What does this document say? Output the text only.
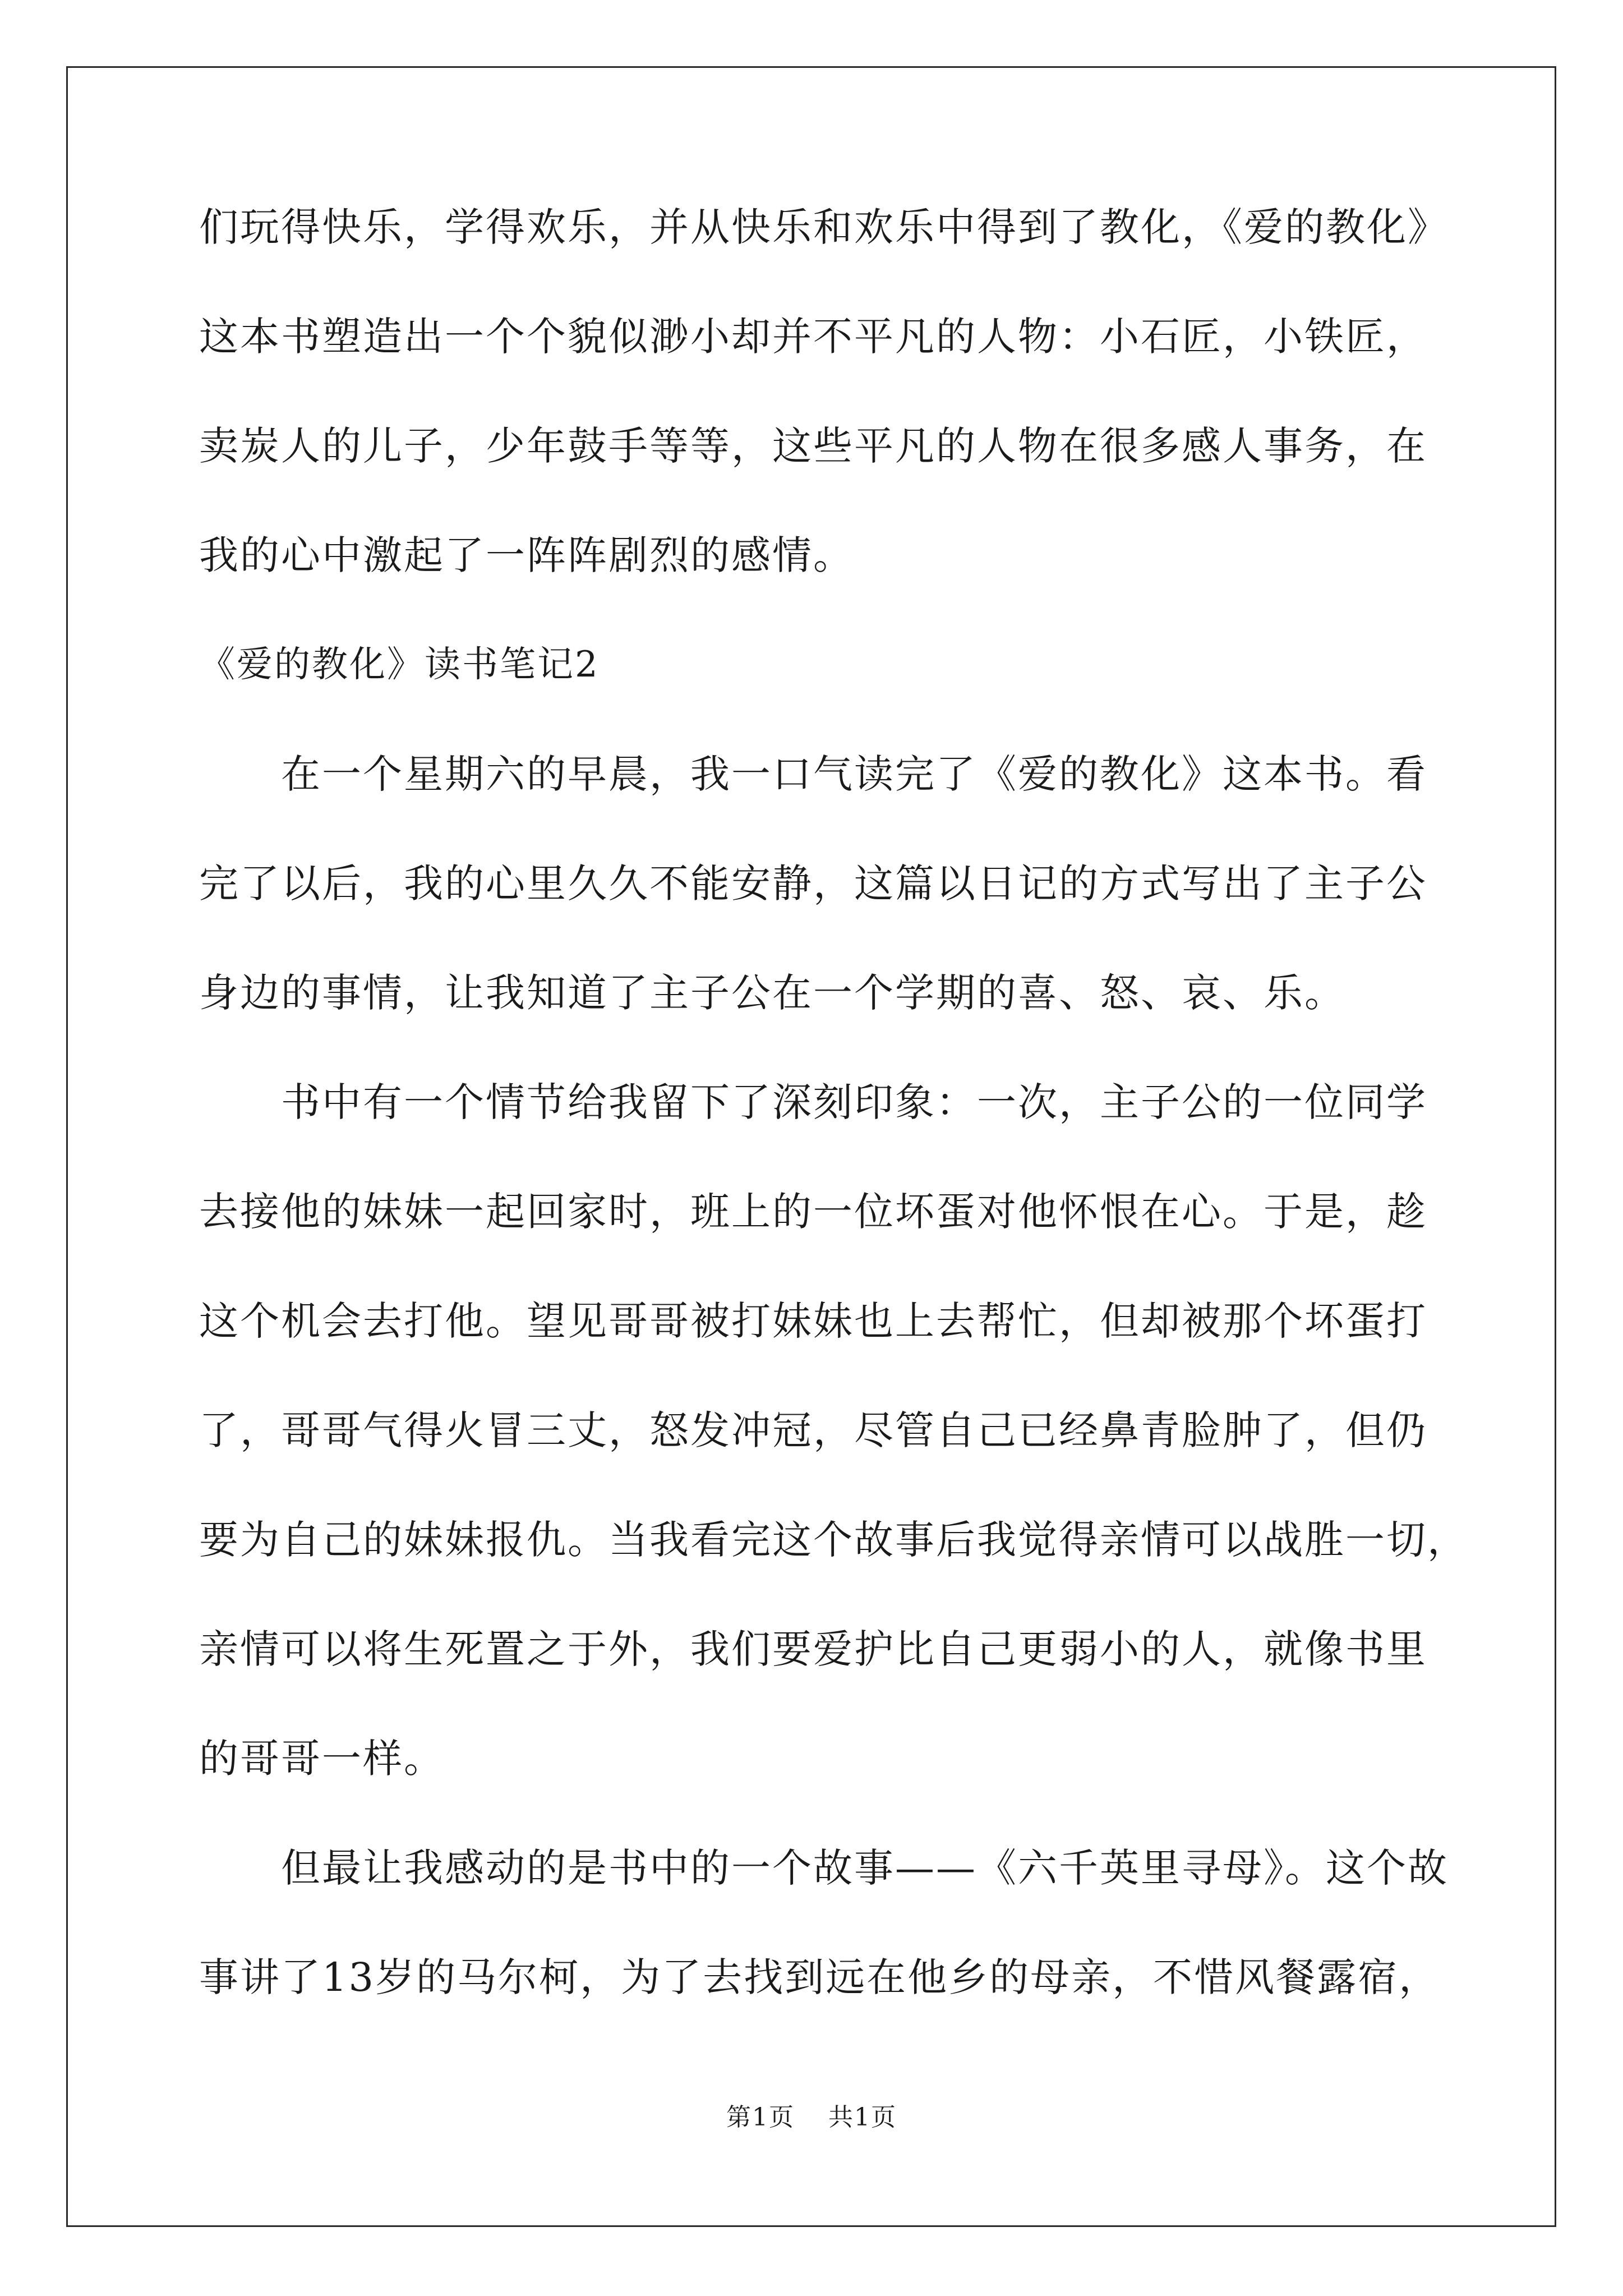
们玩得快乐，学得欢乐，并从快乐和欢乐中得到了教化，《爱的教化》
这本书塑造出一个个貌似渺小却并不平凡的人物：小石匠，小铁匠，
卖炭人的儿子，少年鼓手等等，这些平凡的人物在很多感人事务，在
我的心中激起了一阵阵剧烈的感情。
《爱的教化》读书笔记2
　　在一个星期六的早晨，我一口气读完了《爱的教化》这本书。看
完了以后，我的心里久久不能安静，这篇以日记的方式写出了主子公
身边的事情，让我知道了主子公在一个学期的喜、怒、哀、乐。
　　书中有一个情节给我留下了深刻印象：一次，主子公的一位同学
去接他的妹妹一起回家时，班上的一位坏蛋对他怀恨在心。于是，趁
这个机会去打他。望见哥哥被打妹妹也上去帮忙，但却被那个坏蛋打
了，哥哥气得火冒三丈，怒发冲冠，尽管自己已经鼻青脸肿了，但仍
要为自己的妹妹报仇。当我看完这个故事后我觉得亲情可以战胜一切，
亲情可以将生死置之于外，我们要爱护比自己更弱小的人，就像书里
的哥哥一样。
　　但最让我感动的是书中的一个故事——《六千英里寻母》。这个故
事讲了13岁的马尔柯，为了去找到远在他乡的母亲，不惜风餐露宿，
第1页 共1页
